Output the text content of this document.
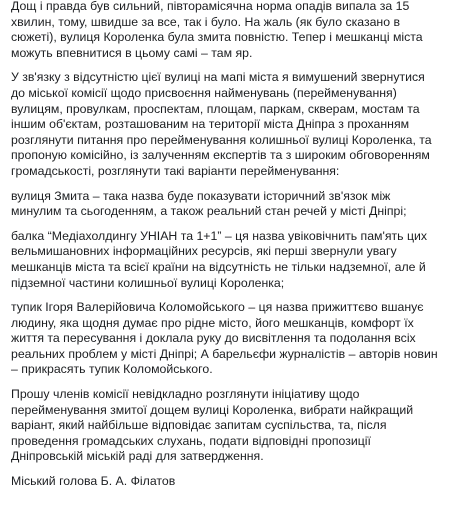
Дощ і правда був сильний, півторамісячна норма опадів випала за 15 хвилин, тому, швидше за все, так і було. На жаль (як було сказано в сюжеті), вулиця Короленка була змита повністю. Тепер і мешканці міста можуть впевнитися в цьому самі – там яр.

У зв'язку з відсутністю цієї вулиці на мапі міста я вимушений звернутися до міської комісії щодо присвоєння найменувань (перейменування) вулицям, провулкам, проспектам, площам, паркам, скверам, мостам та іншим об'єктам, розташованим на території міста Дніпра з проханням розглянути питання про перейменування колишньої вулиці Короленка, та пропоную комісійно, із залученням експертів та з широким обговоренням громадськості, розглянути такі варіанти перейменування:

вулиця Змита – така назва буде показувати історичний зв'язок між минулим та сьогоденням, а також реальний стан речей у місті Дніпрі;

балка “Медіахолдингу УНІАН та 1+1” – ця назва увіковічнить пам'ять цих вельмишановних інформаційних ресурсів, які перші звернули увагу мешканців міста та всієї країни на відсутність не тільки надземної, але й підземної частини колишньої вулиці Короленка;

тупик Ігоря Валерійовича Коломойського – ця назва прижиттєво вшанує людину, яка щодня думає про рідне місто, його мешканців, комфорт їх життя та пересування і доклала руку до висвітлення та подолання всіх реальних проблем у місті Дніпрі; А барельєфи журналістів – авторів новин – прикрасять тупик Коломойського.

Прошу членів комісії невідкладно розглянути ініціативу щодо перейменування змитої дощем вулиці Короленка, вибрати найкращий варіант, який найбільше відповідає запитам суспільства, та, після проведення громадських слухань, подати відповідні пропозиції Дніпровській міській раді для затвердження.

Міський голова Б. А. Філатов
